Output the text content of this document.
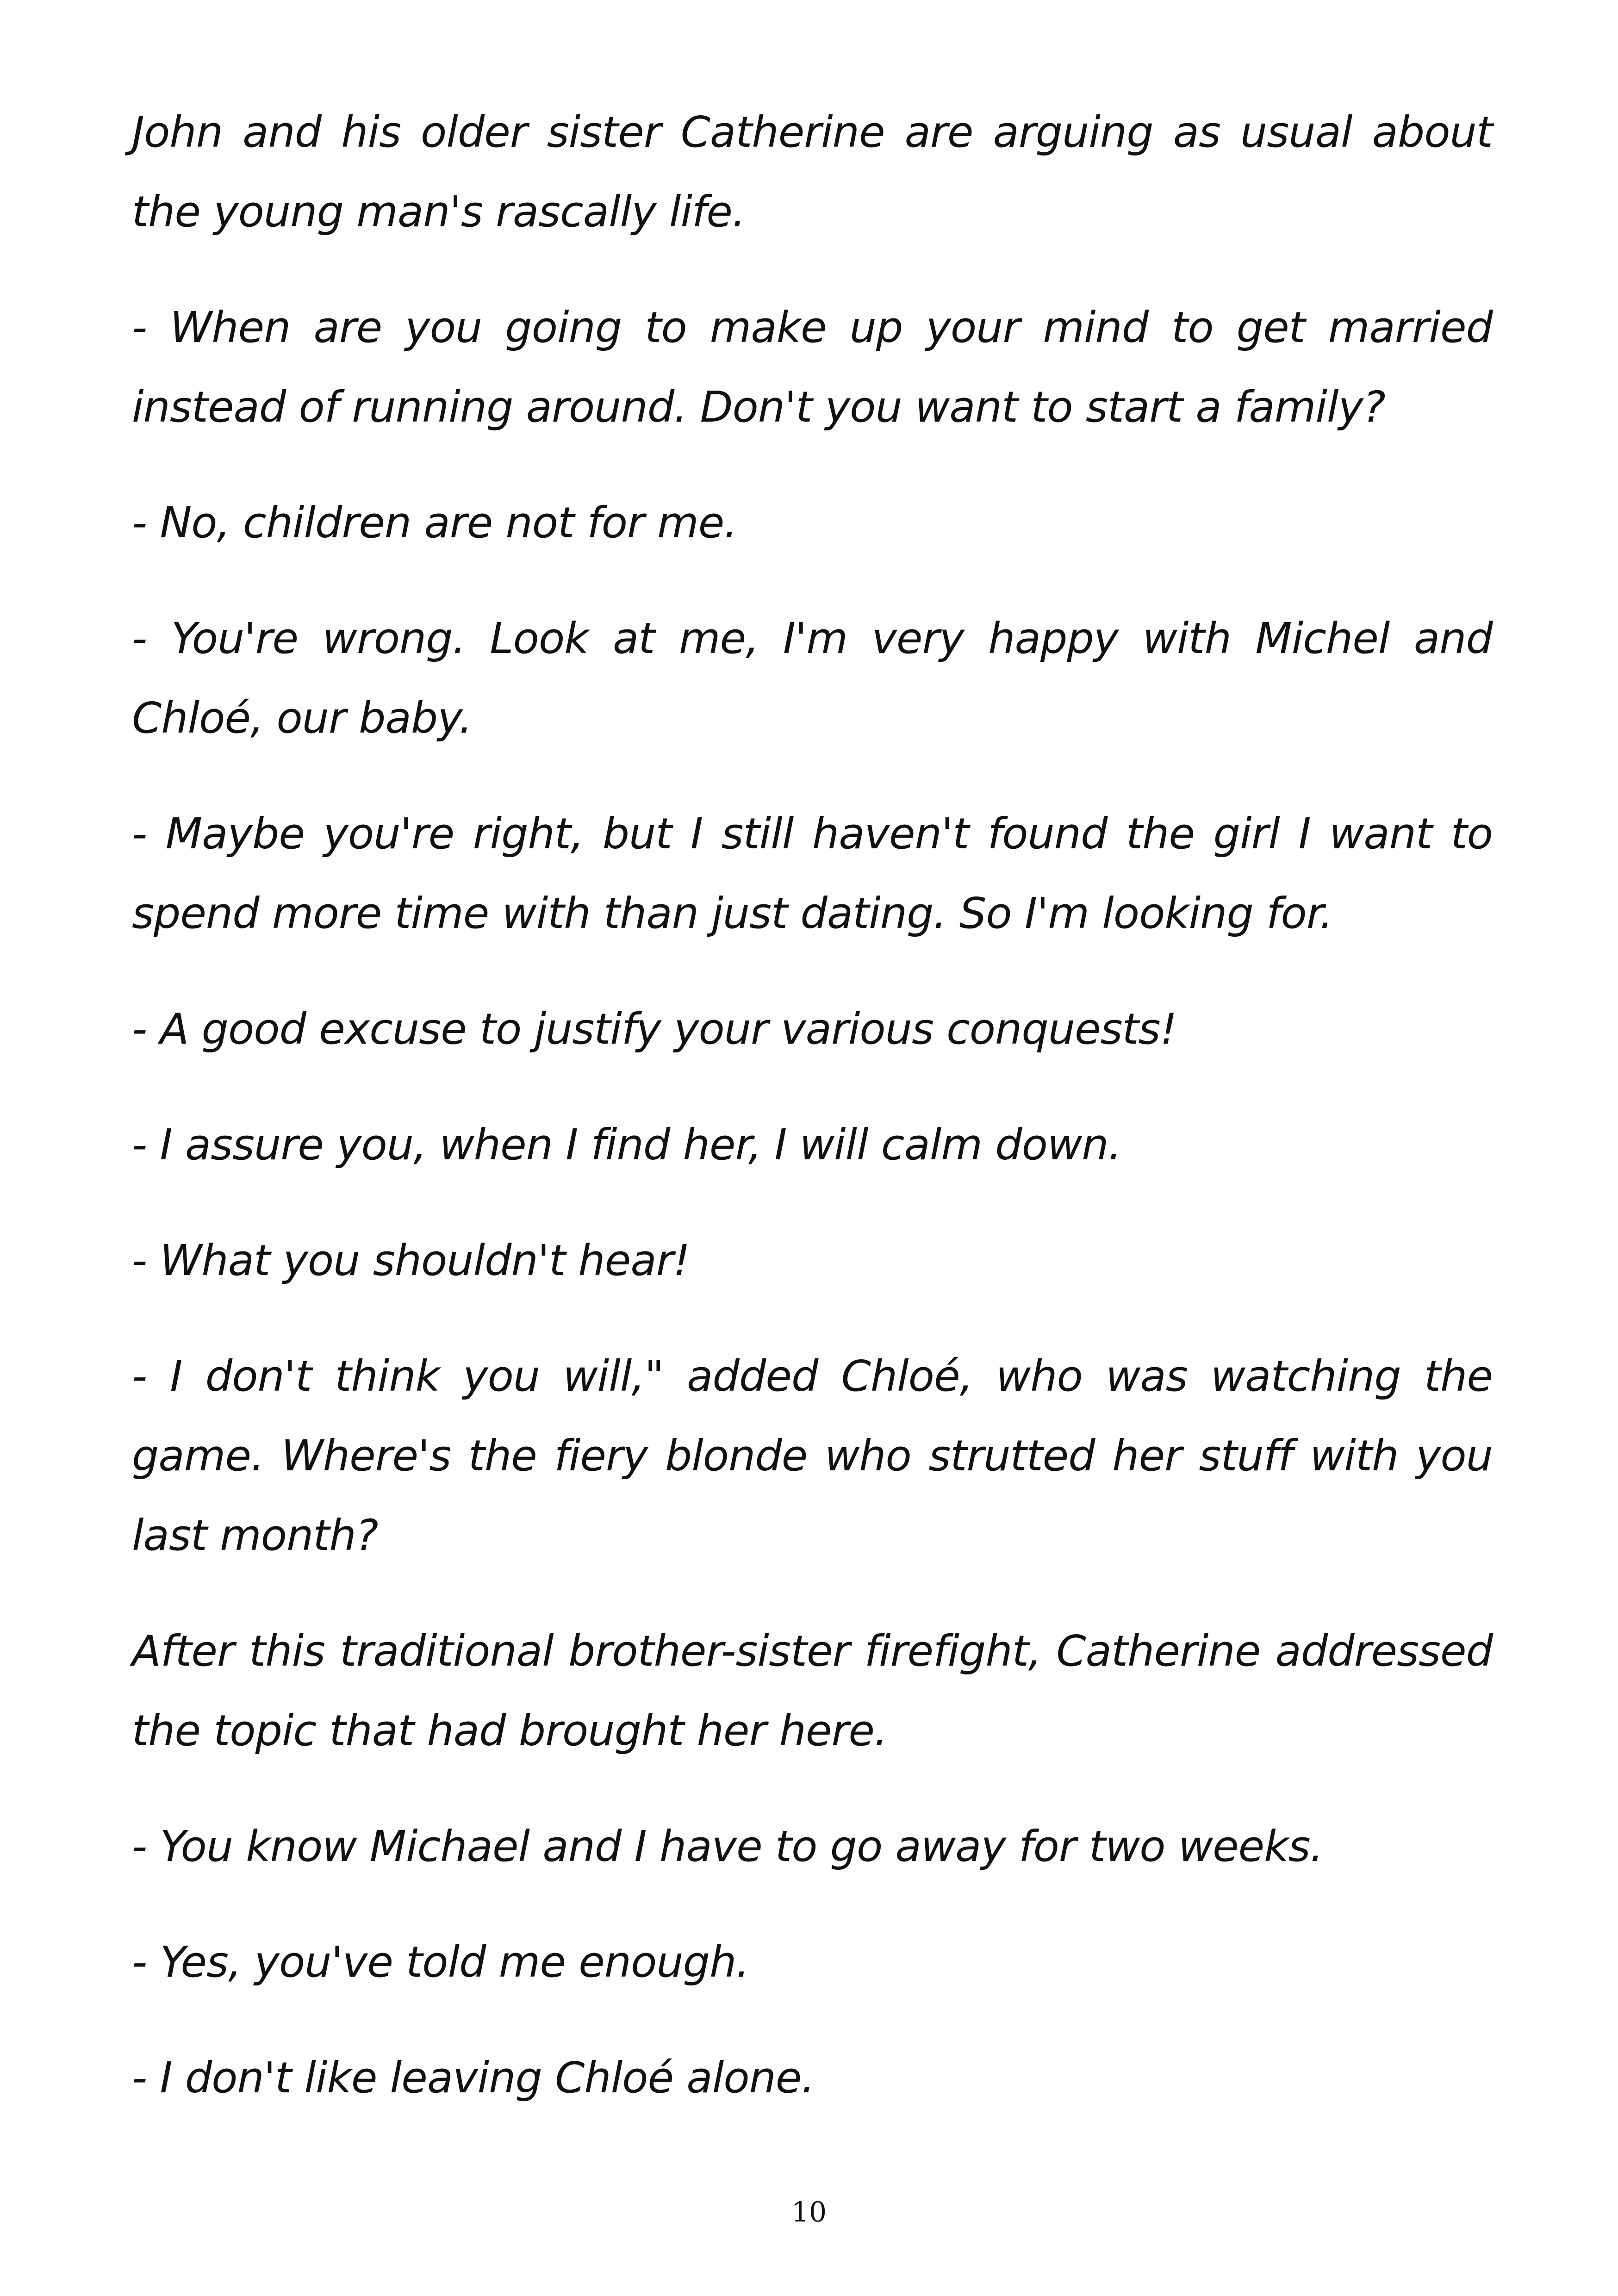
John and his older sister Catherine are arguing as usual about the young man's rascally life.

- When are you going to make up your mind to get married instead of running around. Don't you want to start a family?

- No, children are not for me.

- You're wrong. Look at me, I'm very happy with Michel and Chloé, our baby.

- Maybe you're right, but I still haven't found the girl I want to spend more time with than just dating. So I'm looking for.

- A good excuse to justify your various conquests!

- I assure you, when I find her, I will calm down.

- What you shouldn't hear!

- I don't think you will," added Chloé, who was watching the game. Where's the fiery blonde who strutted her stuff with you last month?

After this traditional brother-sister firefight, Catherine addressed the topic that had brought her here.

- You know Michael and I have to go away for two weeks.

- Yes, you've told me enough.

- I don't like leaving Chloé alone.

10
